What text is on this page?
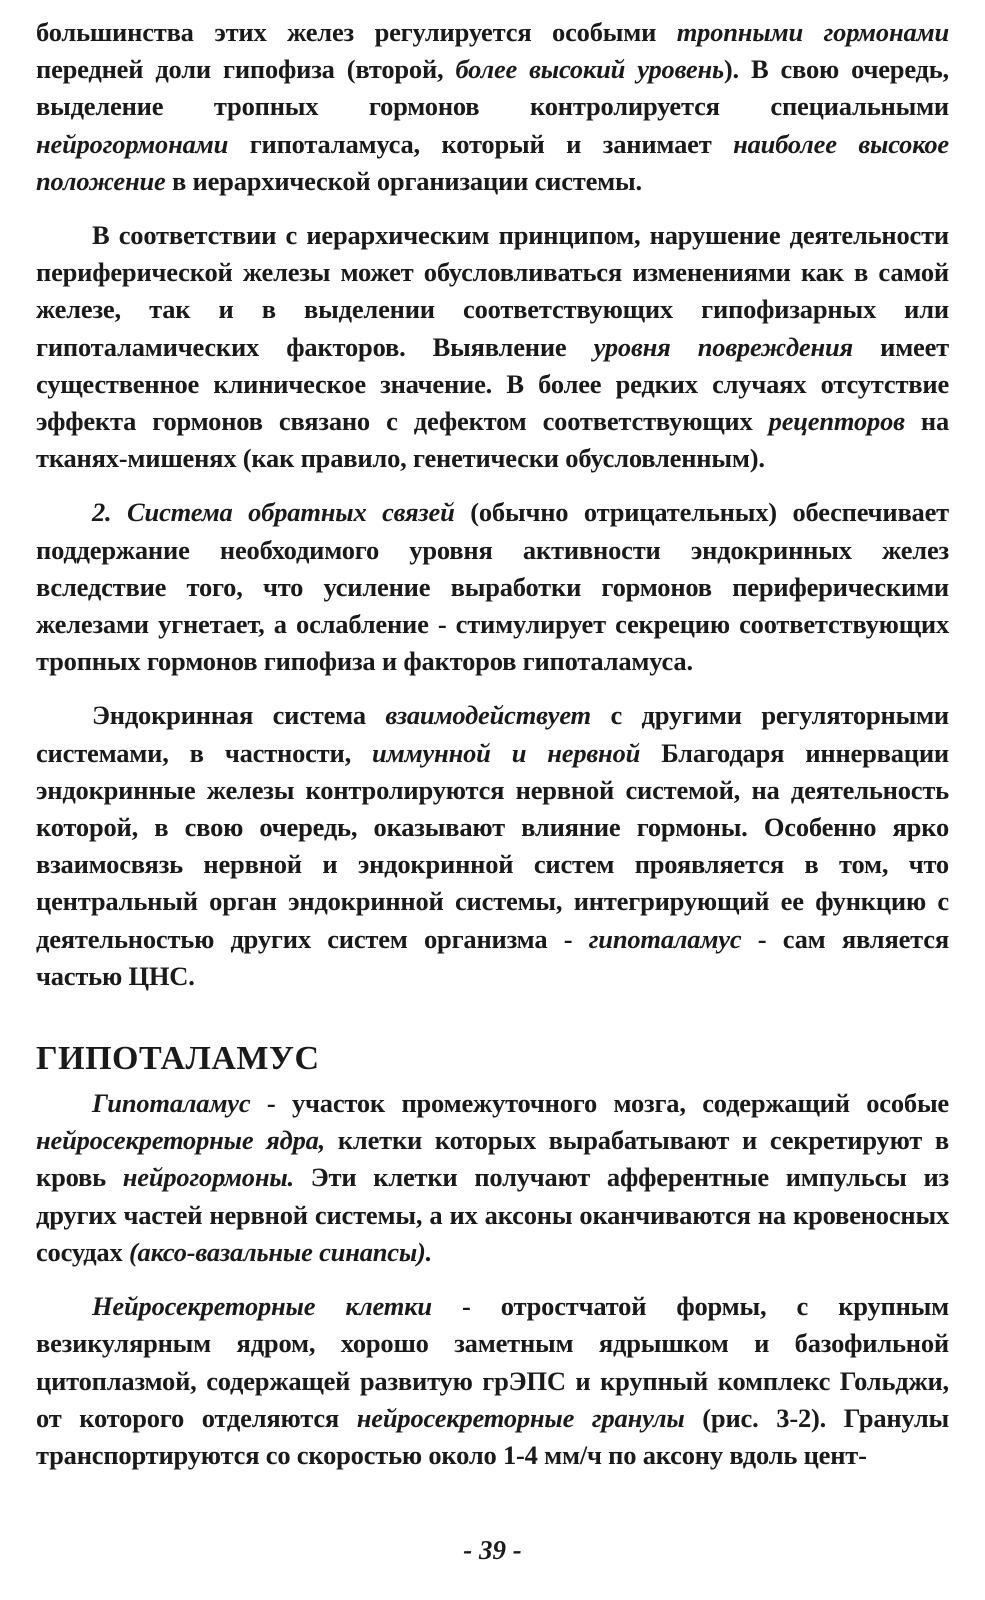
большинства этих желез регулируется особыми тропными гормонами передней доли гипофиза (второй, более высокий уровень). В свою очередь, выделение тропных гормонов контролируется специальными нейрогормонами гипоталамуса, который и занимает наиболее высокое положение в иерархической организации системы.

В соответствии с иерархическим принципом, нарушение деятельности периферической железы может обусловливаться изменениями как в самой железе, так и в выделении соответствующих гипофизарных или гипоталамических факторов. Выявление уровня повреждения имеет существенное клиническое значение. В более редких случаях отсутствие эффекта гормонов связано с дефектом соответствующих рецепторов на тканях-мишенях (как правило, генетически обусловленным).

2. Система обратных связей (обычно отрицательных) обеспечивает поддержание необходимого уровня активности эндокринных желез вследствие того, что усиление выработки гормонов периферическими железами угнетает, а ослабление - стимулирует секрецию соответствующих тропных гормонов гипофиза и факторов гипоталамуса.

Эндокринная система взаимодействует с другими регуляторными системами, в частности, иммунной и нервной Благодаря иннервации эндокринные железы контролируются нервной системой, на деятельность которой, в свою очередь, оказывают влияние гормоны. Особенно ярко взаимосвязь нервной и эндокринной систем проявляется в том, что центральный орган эндокринной системы, интегрирующий ее функцию с деятельностью других систем организма - гипоталамус - сам является частью ЦНС.

ГИПОТАЛАМУС

Гипоталамус - участок промежуточного мозга, содержащий особые нейросекреторные ядра, клетки которых вырабатывают и секретируют в кровь нейрогормоны. Эти клетки получают афферентные импульсы из других частей нервной системы, а их аксоны оканчиваются на кровеносных сосудах (аксо-вазальные синапсы).

Нейросекреторные клетки - отростчатой формы, с крупным везикулярным ядром, хорошо заметным ядрышком и базофильной цитоплазмой, содержащей развитую грЭПС и крупный комплекс Гольджи, от которого отделяются нейросекреторные гранулы (рис. 3-2). Гранулы транспортируются со скоростью около 1-4 мм/ч по аксону вдоль цент-

- 39 -
